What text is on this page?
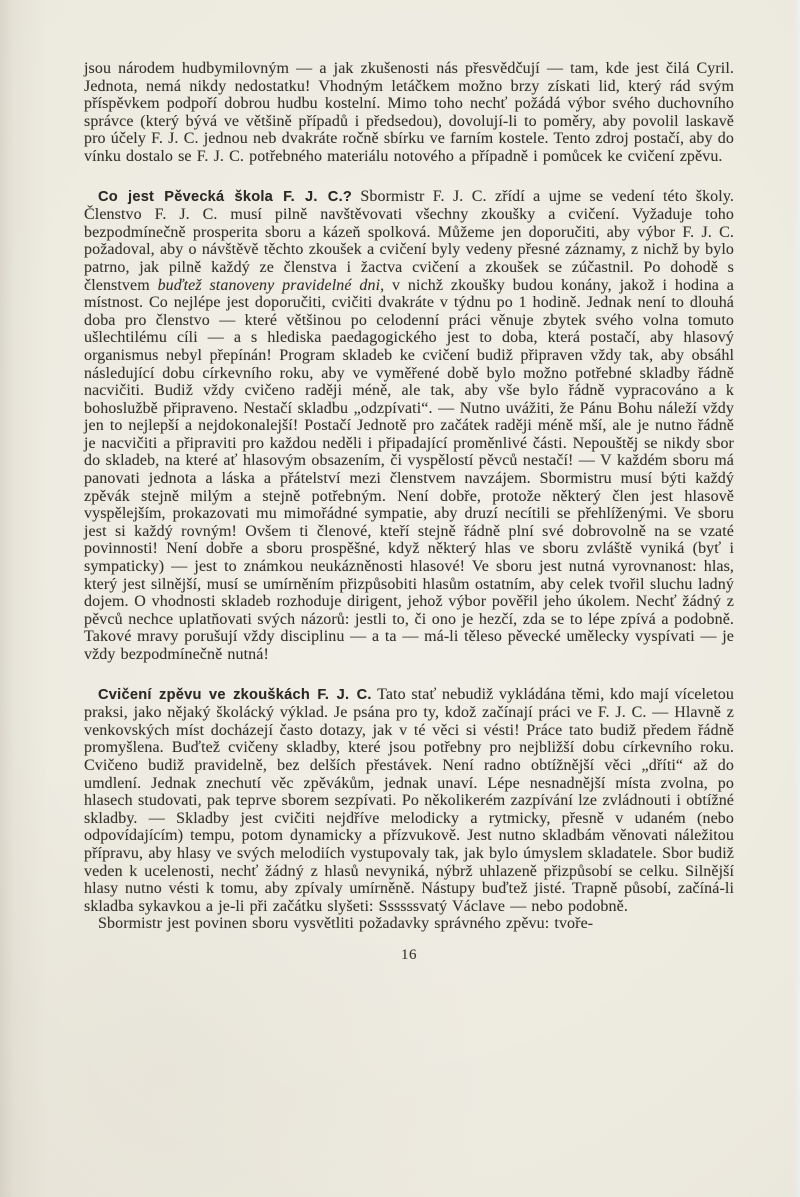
jsou národem hudbymilovným — a jak zkušenosti nás přesvědčují — tam, kde jest čilá Cyril. Jednota, nemá nikdy nedostatku! Vhodným letáčkem možno brzy získati lid, který rád svým příspěvkem podpoří dobrou hudbu kostelní. Mimo toho nechť požádá výbor svého duchovního správce (který bývá ve většině případů i předsedou), dovolují-li to poměry, aby povolil laskavě pro účely F. J. C. jednou neb dvakráte ročně sbírku ve farním kostele. Tento zdroj postačí, aby do vínku dostalo se F. J. C. potřebného materiálu notového a případně i pomůcek ke cvičení zpěvu.

Co jest Pěvecká škola F. J. C.? Sbormistr F. J. C. zřídí a ujme se vedení této školy. Členstvo F. J. C. musí pilně navštěvovati všechny zkoušky a cvičení. Vyžaduje toho bezpodmínečně prosperita sboru a kázeň spolková. Můžeme jen doporučiti, aby výbor F. J. C. požadoval, aby o návštěvě těchto zkoušek a cvičení byly vedeny přesné záznamy, z nichž by bylo patrno, jak pilně každý ze členstva i žactva cvičení a zkoušek se zúčastnil. Po dohodě s členstvem buďtež stanoveny pravidelné dni, v nichž zkoušky budou konány, jakož i hodina a místnost. Co nejlépe jest doporučiti, cvičiti dvakráte v týdnu po 1 hodině. Jednak není to dlouhá doba pro členstvo — které většinou po celodenní práci věnuje zbytek svého volna tomuto ušlechtilému cíli — a s hlediska paedagogického jest to doba, která postačí, aby hlasový organismus nebyl přepínán! Program skladeb ke cvičení budiž připraven vždy tak, aby obsáhl následující dobu církevního roku, aby ve vyměřené době bylo možno potřebné skladby řádně nacvičiti. Budiž vždy cvičeno raději méně, ale tak, aby vše bylo řádně vypracováno a k bohoslužbě připraveno. Nestačí skladbu „odzpívati“. — Nutno uvážiti, že Pánu Bohu náleží vždy jen to nejlepší a nejdokonalejší! Postačí Jednotě pro začátek raději méně mší, ale je nutno řádně je nacvičiti a připraviti pro každou neděli i připadající proměnlivé části. Nepouštěj se nikdy sbor do skladeb, na které ať hlasovým obsazením, či vyspělostí pěvců nestačí! — V každém sboru má panovati jednota a láska a přátelství mezi členstvem navzájem. Sbormistru musí býti každý zpěvák stejně milým a stejně potřebným. Není dobře, protože některý člen jest hlasově vyspělejším, prokazovati mu mimořádné sympatie, aby druzí necítili se přehlíženými. Ve sboru jest si každý rovným! Ovšem ti členové, kteří stejně řádně plní své dobrovolně na se vzaté povinnosti! Není dobře a sboru prospěšné, když některý hlas ve sboru zvláště vyniká (byť i sympaticky) — jest to známkou neukázněnosti hlasové! Ve sboru jest nutná vyrovnanost: hlas, který jest silnější, musí se umírněním přizpůsobiti hlasům ostatním, aby celek tvořil sluchu ladný dojem. O vhodnosti skladeb rozhoduje dirigent, jehož výbor pověřil jeho úkolem. Nechť žádný z pěvců nechce uplatňovati svých názorů: jestli to, či ono je hezčí, zda se to lépe zpívá a podobně. Takové mravy porušují vždy disciplinu — a ta — má-li těleso pěvecké umělecky vyspívati — je vždy bezpodmínečně nutná!

Cvičení zpěvu ve zkouškách F. J. C. Tato stať nebudiž vykládána těmi, kdo mají víceletou praksi, jako nějaký školácký výklad. Je psána pro ty, kdož začínají práci ve F. J. C. — Hlavně z venkovských míst docházejí často dotazy, jak v té věci si vésti! Práce tato budiž předem řádně promyšlena. Buďtež cvičeny skladby, které jsou potřebny pro nejbližší dobu církevního roku. Cvičeno budiž pravidelně, bez delších přestávek. Není radno obtížnější věci „dříti“ až do umdlení. Jednak znechutí věc zpěvákům, jednak unaví. Lépe nesnadnější místa zvolna, po hlasech studovati, pak teprve sborem sezpívati. Po několikerém zazpívání lze zvládnouti i obtížné skladby. — Skladby jest cvičiti nejdříve melodicky a rytmicky, přesně v udaném (nebo odpovídajícím) tempu, potom dynamicky a přízvukově. Jest nutno skladbám věnovati náležitou přípravu, aby hlasy ve svých melodiích vystupovaly tak, jak bylo úmyslem skladatele. Sbor budiž veden k ucelenosti, nechť žádný z hlasů nevyniká, nýbrž uhlazeně přizpůsobí se celku. Silnější hlasy nutno vésti k tomu, aby zpívaly umírněně. Nástupy buďtež jisté. Trapně působí, začíná-li skladba sykavkou a je-li při začátku slyšeti: Ssssssvatý Václave — nebo podobně.

Sbormistr jest povinen sboru vysvětliti požadavky správného zpěvu: tvoře-

16
